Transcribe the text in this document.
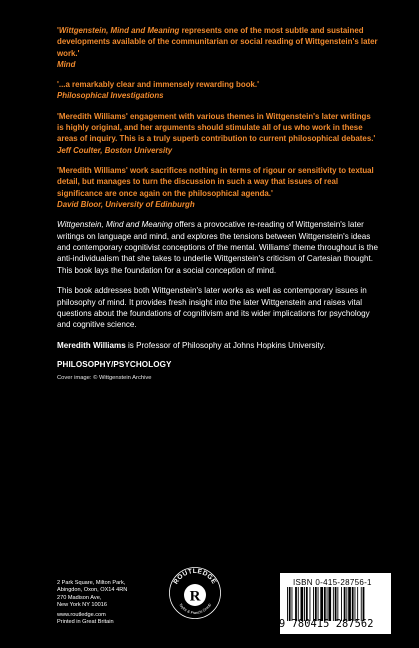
'Wittgenstein, Mind and Meaning represents one of the most subtle and sustained developments available of the communitarian or social reading of Wittgenstein's later work.'
Mind

'...a remarkably clear and immensely rewarding book.'
Philosophical Investigations

'Meredith Williams' engagement with various themes in Wittgenstein's later writings is highly original, and her arguments should stimulate all of us who work in these areas of inquiry. This is a truly superb contribution to current philosophical debates.'
Jeff Coulter, Boston University

'Meredith Williams' work sacrifices nothing in terms of rigour or sensitivity to textual detail, but manages to turn the discussion in such a way that issues of real significance are once again on the philosophical agenda.'
David Bloor, University of Edinburgh

Wittgenstein, Mind and Meaning offers a provocative re-reading of Wittgenstein's later writings on language and mind, and explores the tensions between Wittgenstein's ideas and contemporary cognitivist conceptions of the mental. Williams' theme throughout is the anti-individualism that she takes to underlie Wittgenstein's criticism of Cartesian thought. This book lays the foundation for a social conception of mind.

This book addresses both Wittgenstein's later works as well as contemporary issues in philosophy of mind. It provides fresh insight into the later Wittgenstein and raises vital questions about the foundations of cognitivism and its wider implications for psychology and cognitive science.

Meredith Williams is Professor of Philosophy at Johns Hopkins University.

PHILOSOPHY/PSYCHOLOGY

Cover image: © Wittgenstein Archive

2 Park Square, Milton Park,
Abingdon, Oxon, OX14 4RN
270 Madison Ave,
New York NY 10016
www.routledge.com
Printed in Great Britain
ROUTLEDGE
Taylor & Francis Group
R
ISBN 0-415-28756-1
9 780415 287562
